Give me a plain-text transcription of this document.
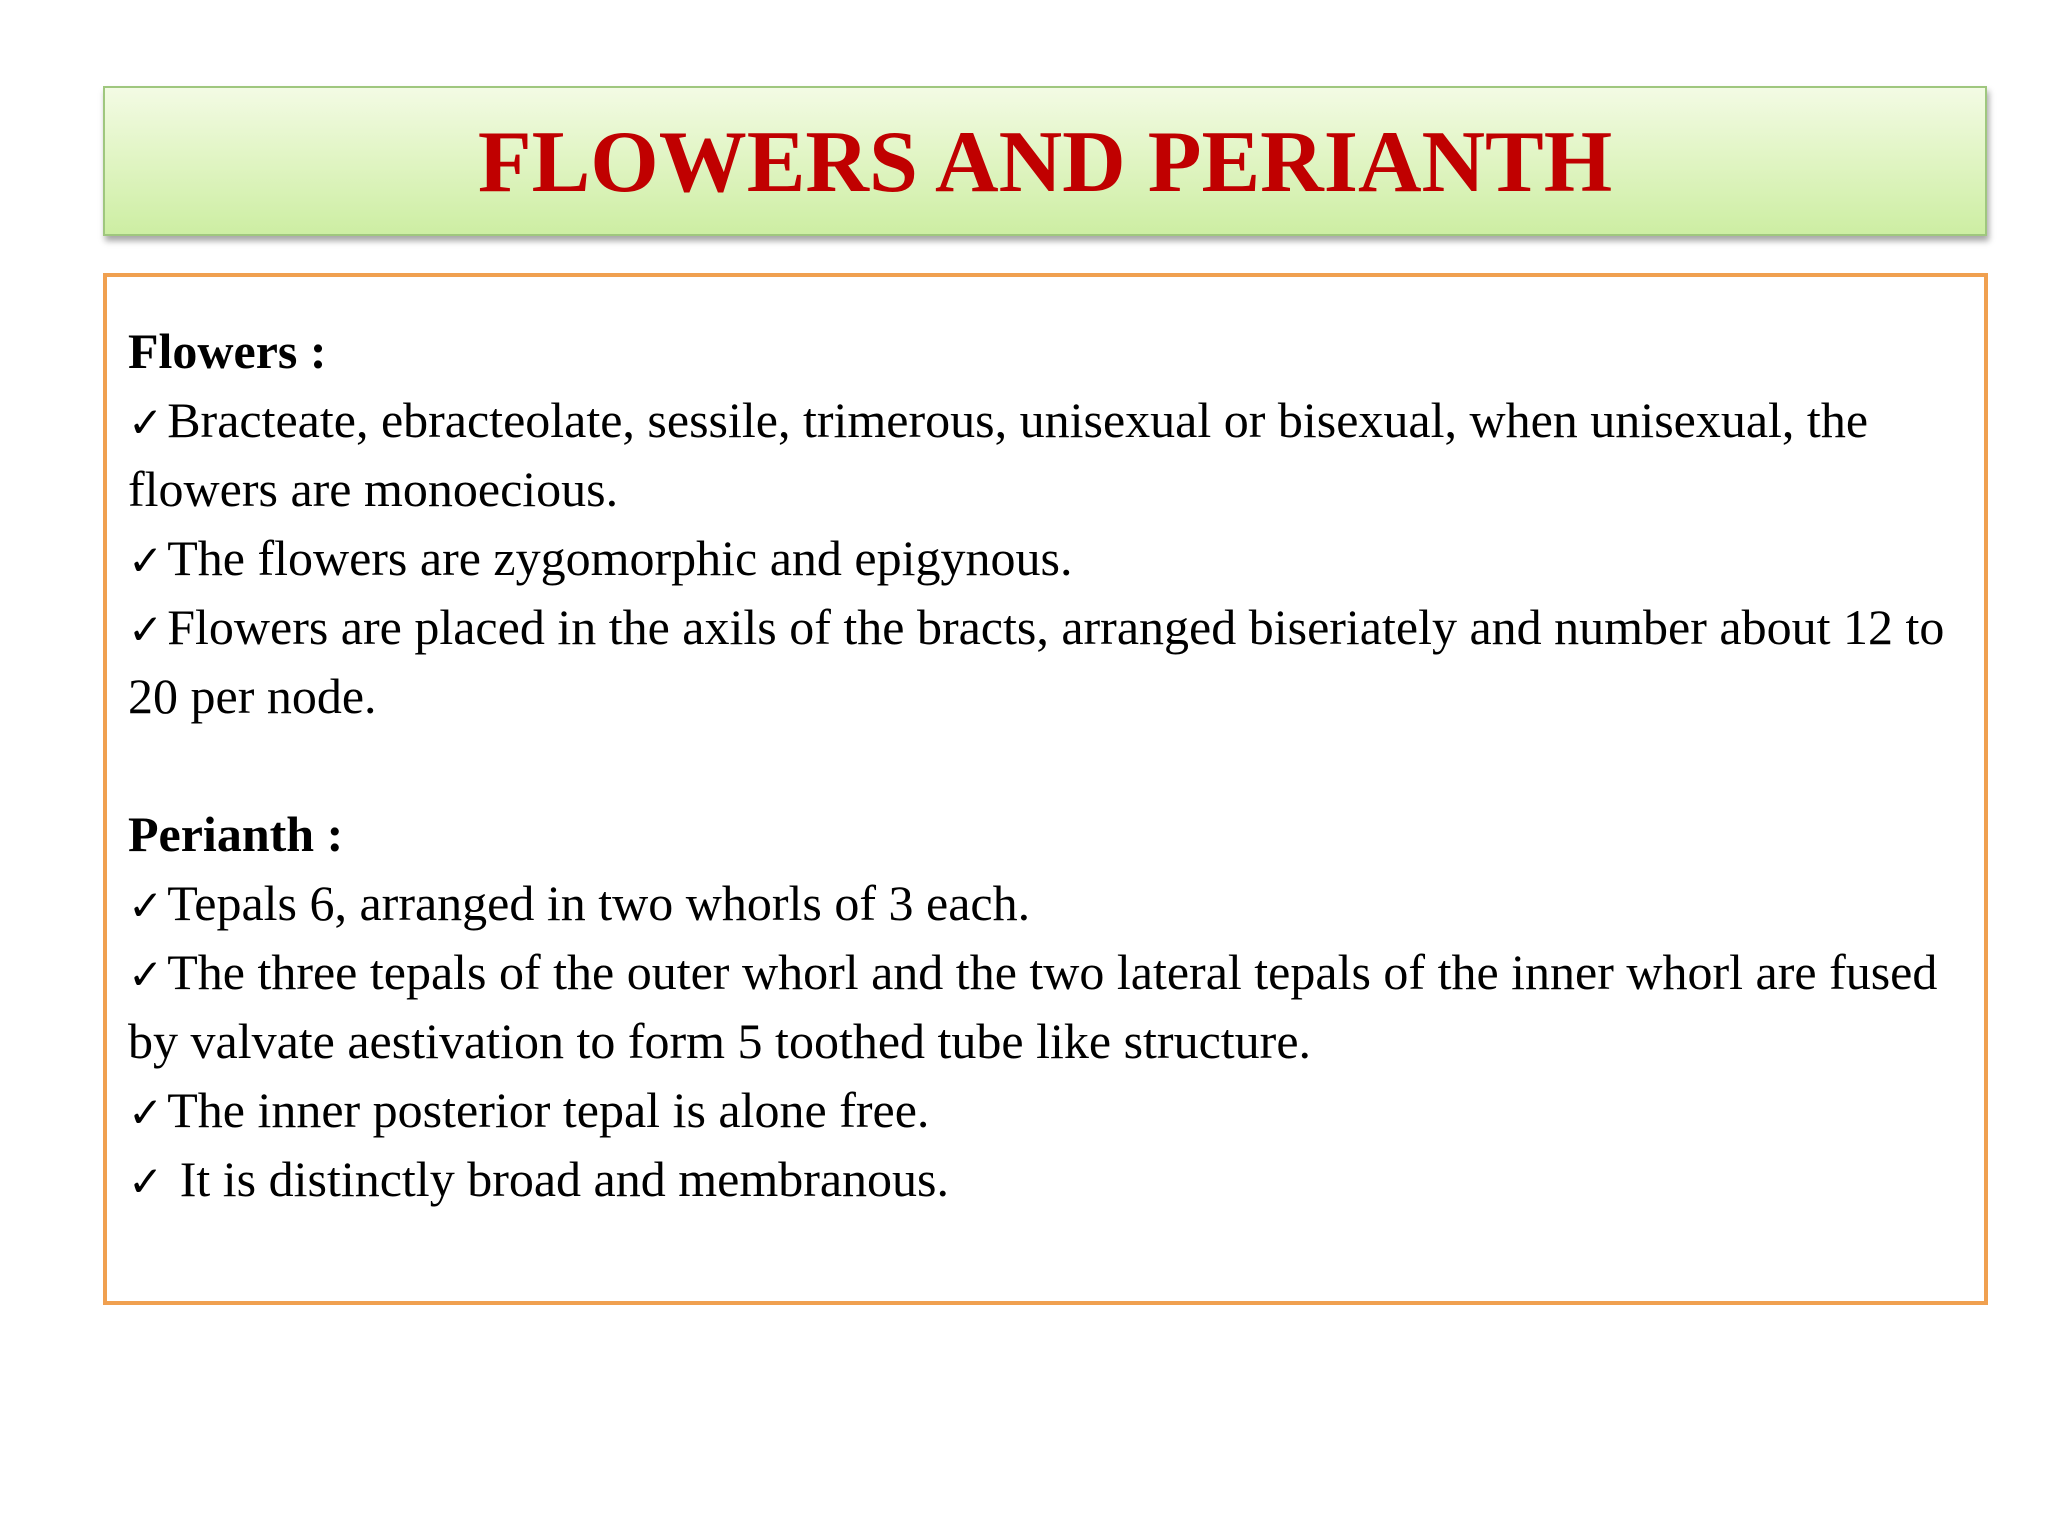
FLOWERS AND PERIANTH

Flowers :

✓Bracteate, ebracteolate, sessile, trimerous, unisexual or bisexual, when unisexual, the flowers are monoecious.

✓The flowers are zygomorphic and epigynous.

✓Flowers are placed in the axils of the bracts, arranged biseriately and number about 12 to 20 per node.

Perianth :

✓Tepals 6, arranged in two whorls of 3 each.

✓The three tepals of the outer whorl and the two lateral tepals of the inner whorl are fused by valvate aestivation to form 5 toothed tube like structure.

✓The inner posterior tepal is alone free.

✓ It is distinctly broad and membranous.
